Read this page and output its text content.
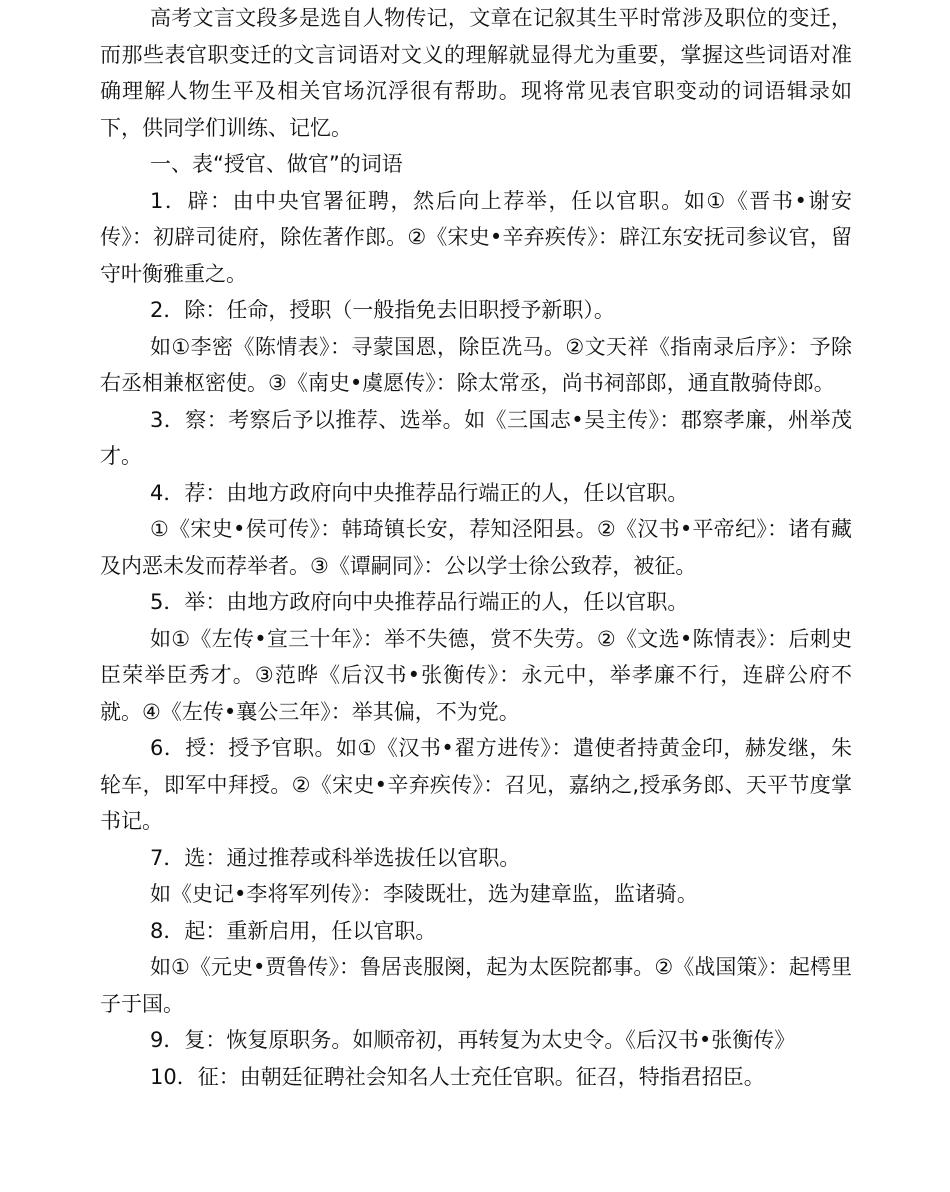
高考文言文段多是选自人物传记，文章在记叙其生平时常涉及职位的变迁，而那些表官职变迁的文言词语对文义的理解就显得尤为重要，掌握这些词语对准确理解人物生平及相关官场沉浮很有帮助。现将常见表官职变动的词语辑录如下，供同学们训练、记忆。

一、表“授官、做官”的词语

1．辟：由中央官署征聘，然后向上荐举，任以官职。如①《晋书•谢安传》：初辟司徒府，除佐著作郎。②《宋史•辛弃疾传》：辟江东安抚司参议官，留守叶衡雅重之。

2．除：任命，授职（一般指免去旧职授予新职）。

如①李密《陈情表》：寻蒙国恩，除臣冼马。②文天祥《指南录后序》：予除右丞相兼枢密使。③《南史•虞愿传》：除太常丞，尚书祠部郎，通直散骑侍郎。

3．察：考察后予以推荐、选举。如《三国志•吴主传》：郡察孝廉，州举茂才。

4．荐：由地方政府向中央推荐品行端正的人，任以官职。

①《宋史•侯可传》：韩琦镇长安，荐知泾阳县。②《汉书•平帝纪》：诸有藏及内恶未发而荐举者。③《谭嗣同》：公以学士徐公致荐，被征。

5．举：由地方政府向中央推荐品行端正的人，任以官职。

如①《左传•宣三十年》：举不失德，赏不失劳。②《文选•陈情表》：后刺史臣荣举臣秀才。③范晔《后汉书•张衡传》：永元中，举孝廉不行，连辟公府不就。④《左传•襄公三年》：举其偏，不为党。

6．授：授予官职。如①《汉书•翟方进传》：遣使者持黄金印，赫发继，朱轮车，即军中拜授。②《宋史•辛弃疾传》：召见，嘉纳之,授承务郎、天平节度掌书记。

7．选：通过推荐或科举选拔任以官职。

如《史记•李将军列传》：李陵既壮，选为建章监，监诸骑。

8．起：重新启用，任以官职。

如①《元史•贾鲁传》：鲁居丧服阕，起为太医院都事。②《战国策》：起樗里子于国。

9．复：恢复原职务。如顺帝初，再转复为太史令。《后汉书•张衡传》

10．征：由朝廷征聘社会知名人士充任官职。征召，特指君招臣。
